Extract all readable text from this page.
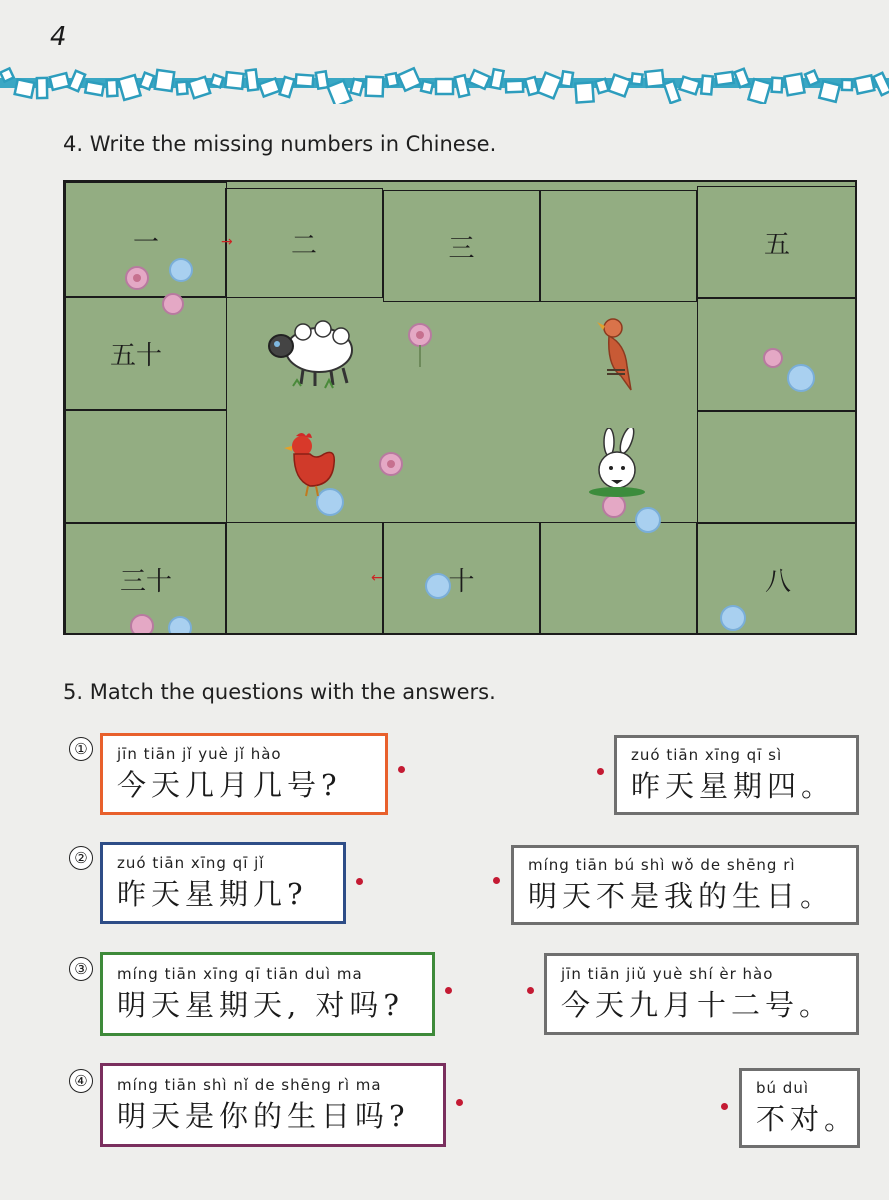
4
4. Write the missing numbers in Chinese.
一	二	三	五
五十
三十	十	八
→
←
5. Match the questions with the answers.
①	jīn tiān jǐ yuè jǐ hào
今天几月几号?
②	zuó tiān xīng qī jǐ
昨天星期几?
③	míng tiān xīng qī tiān duì ma
明天星期天, 对吗?
④	míng tiān shì nǐ de shēng rì ma
明天是你的生日吗?
zuó tiān xīng qī sì
昨天星期四。
míng tiān bú shì wǒ de shēng rì
明天不是我的生日。
jīn tiān jiǔ yuè shí èr hào
今天九月十二号。
bú duì
不对。
